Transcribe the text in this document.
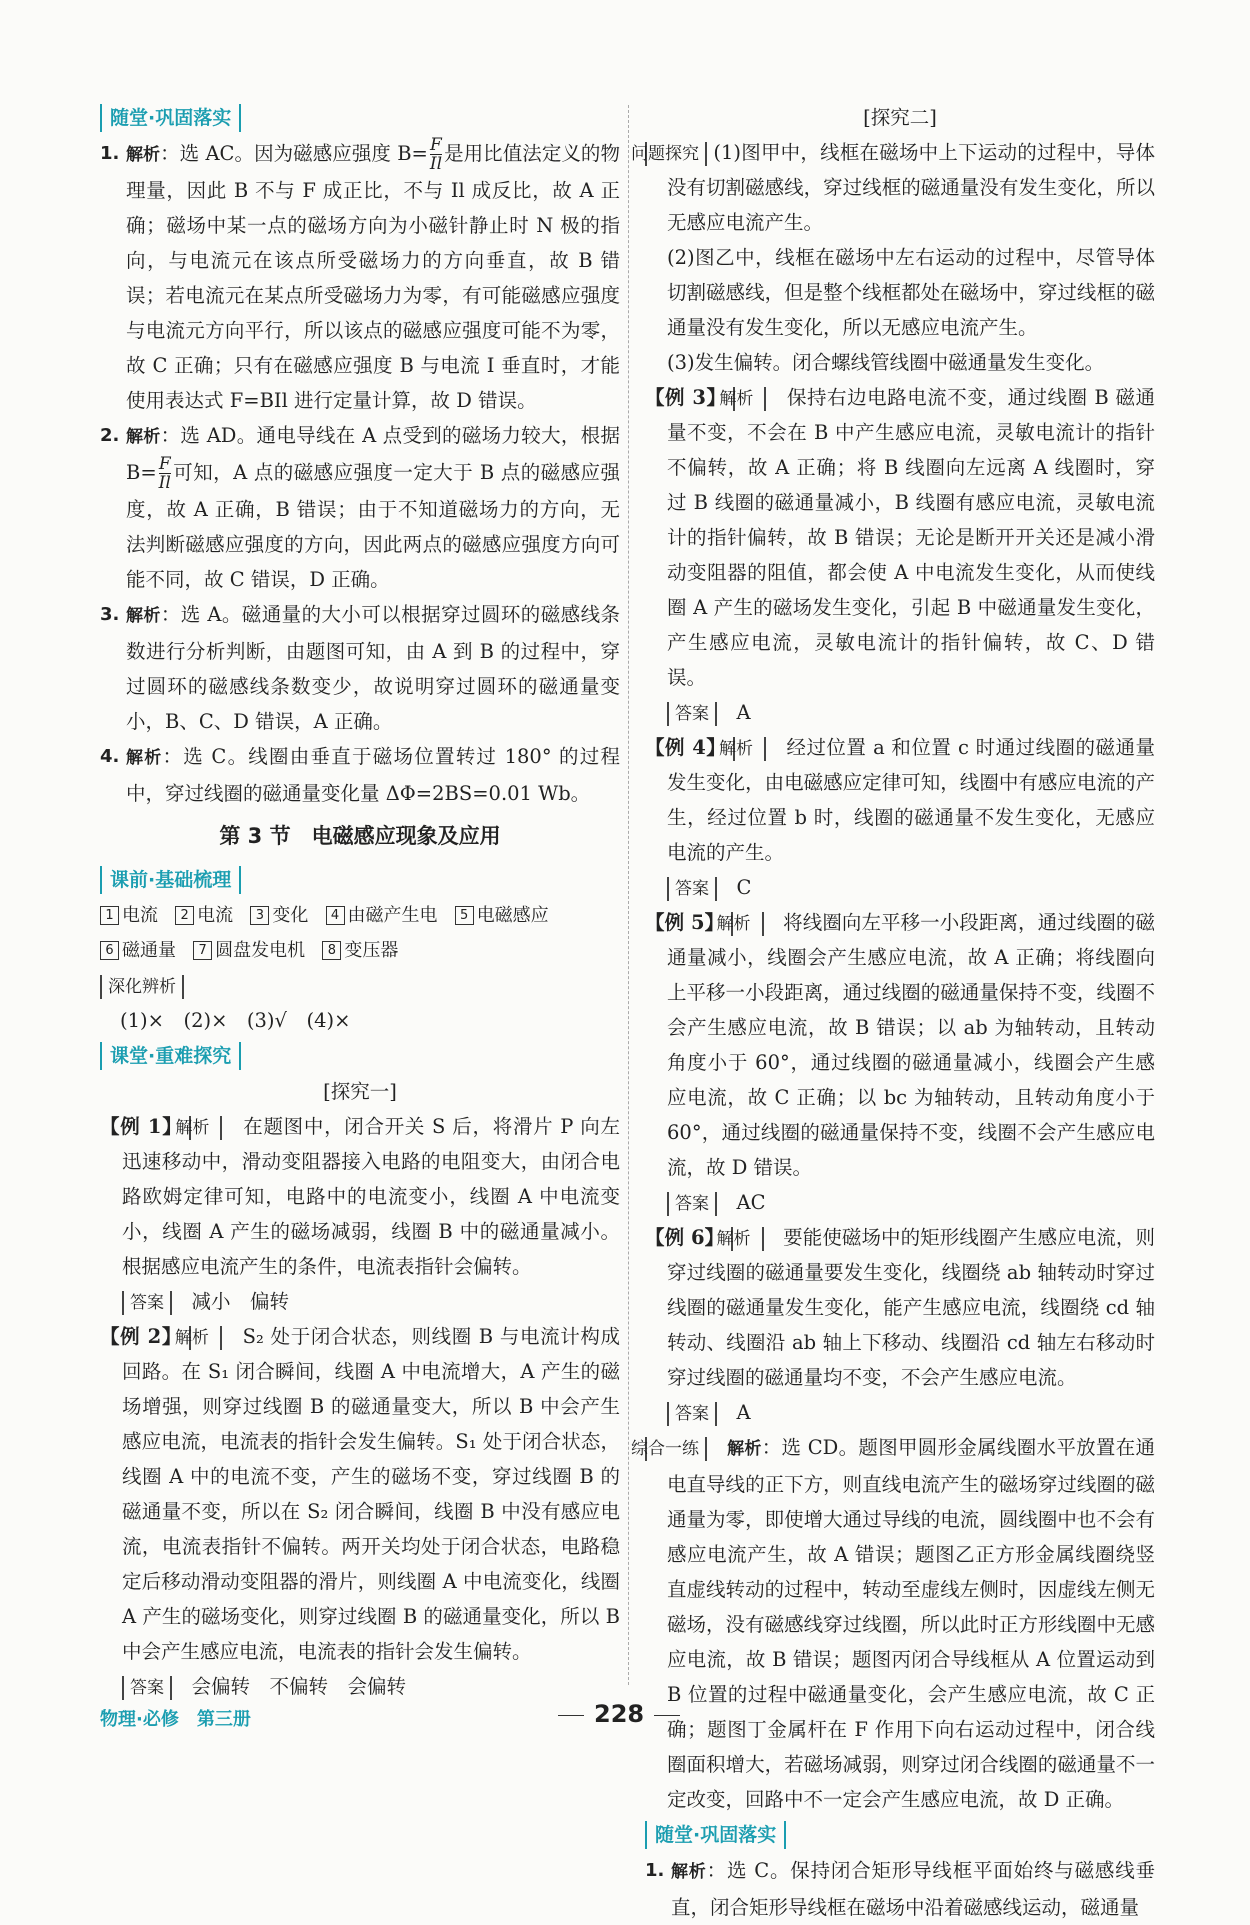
随堂·巩固落实
1. 解析：选 AC。因为磁感应强度 $B= \frac{F}{Il}$ 是用比值法定义的物理量，因此 B 不与 F 成正比，不与 Il 成反比，故 A 正确；磁场中某一点的磁场方向为小磁针静止时 N 极的指向，与电流元在该点所受磁场力的方向垂直，故 B 错误；若电流元在某点所受磁场力为零，有可能磁感应强度与电流元方向平行，所以该点的磁感应强度可能不为零，故 C 正确；只有在磁感应强度 B 与电流 I 垂直时，才能使用表达式 F=BIl 进行定量计算，故 D 错误。
2. 解析：选 AD。通电导线在 A 点受到的磁场力较大，根据 $B= \frac{F}{Il}$ 可知，A 点的磁感应强度一定大于 B 点的磁感应强度，故 A 正确，B 错误；由于不知道磁场力的方向，无法判断磁感应强度的方向，因此两点的磁感应强度方向可能不同，故 C 错误，D 正确。
3. 解析：选 A。磁通量的大小可以根据穿过圆环的磁感线条数进行分析判断，由题图可知，由 A 到 B 的过程中，穿过圆环的磁感线条数变少，故说明穿过圆环的磁通量变小，B、C、D 错误，A 正确。
4. 解析：选 C。线圈由垂直于磁场位置转过 180° 的过程中，穿过线圈的磁通量变化量 ΔΦ=2BS=0.01 Wb。
第 3 节　电磁感应现象及应用
课前·基础梳理
1 电流 2 电流 3 变化 4 由磁产生电 5 电磁感应
6 磁通量 7 圆盘发电机 8 变压器
深化辨析
(1)×　(2)×　(3)√　(4)×
课堂·重难探究
[探究一]
【例 1】 解析　 在题图中，闭合开关 S 后，将滑片 P 向左迅速移动中，滑动变阻器接入电路的电阻变大，由闭合电路欧姆定律可知，电路中的电流变小，线圈 A 中电流变小，线圈 A 产生的磁场减弱，线圈 B 中的磁通量减小。根据感应电流产生的条件，电流表指针会偏转。
答案　 减小　偏转
【例 2】 解析　 S₂ 处于闭合状态，则线圈 B 与电流计构成回路。在 S₁ 闭合瞬间，线圈 A 中电流增大，A 产生的磁场增强，则穿过线圈 B 的磁通量变大，所以 B 中会产生感应电流，电流表的指针会发生偏转。S₁ 处于闭合状态，线圈 A 中的电流不变，产生的磁场不变，穿过线圈 B 的磁通量不变，所以在 S₂ 闭合瞬间，线圈 B 中没有感应电流，电流表指针不偏转。两开关均处于闭合状态，电路稳定后移动滑动变阻器的滑片，则线圈 A 中电流变化，线圈 A 产生的磁场变化，则穿过线圈 B 的磁通量变化，所以 B 中会产生感应电流，电流表的指针会发生偏转。
答案　 会偏转　不偏转　会偏转
[探究二]
问题探究 (1)图甲中，线框在磁场中上下运动的过程中，导体没有切割磁感线，穿过线框的磁通量没有发生变化，所以无感应电流产生。
(2)图乙中，线框在磁场中左右运动的过程中，尽管导体切割磁感线，但是整个线框都处在磁场中，穿过线框的磁通量没有发生变化，所以无感应电流产生。
(3)发生偏转。闭合螺线管线圈中磁通量发生变化。
【例 3】 解析　 保持右边电路电流不变，通过线圈 B 磁通量不变，不会在 B 中产生感应电流，灵敏电流计的指针不偏转，故 A 正确；将 B 线圈向左远离 A 线圈时，穿过 B 线圈的磁通量减小，B 线圈有感应电流，灵敏电流计的指针偏转，故 B 错误；无论是断开开关还是减小滑动变阻器的阻值，都会使 A 中电流发生变化，从而使线圈 A 产生的磁场发生变化，引起 B 中磁通量发生变化，产生感应电流，灵敏电流计的指针偏转，故 C、D 错误。
答案　 A
【例 4】 解析　 经过位置 a 和位置 c 时通过线圈的磁通量发生变化，由电磁感应定律可知，线圈中有感应电流的产生，经过位置 b 时，线圈的磁通量不发生变化，无感应电流的产生。
答案　 C
【例 5】 解析　 将线圈向左平移一小段距离，通过线圈的磁通量减小，线圈会产生感应电流，故 A 正确；将线圈向上平移一小段距离，通过线圈的磁通量保持不变，线圈不会产生感应电流，故 B 错误；以 ab 为轴转动，且转动角度小于 60°，通过线圈的磁通量减小，线圈会产生感应电流，故 C 正确；以 bc 为轴转动，且转动角度小于 60°，通过线圈的磁通量保持不变，线圈不会产生感应电流，故 D 错误。
答案　 AC
【例 6】 解析　 要能使磁场中的矩形线圈产生感应电流，则穿过线圈的磁通量要发生变化，线圈绕 ab 轴转动时穿过线圈的磁通量发生变化，能产生感应电流，线圈绕 cd 轴转动、线圈沿 ab 轴上下移动、线圈沿 cd 轴左右移动时穿过线圈的磁通量均不变，不会产生感应电流。
答案　 A
综合一练　 解析：选 CD。题图甲圆形金属线圈水平放置在通电直导线的正下方，则直线电流产生的磁场穿过线圈的磁通量为零，即使增大通过导线的电流，圆线圈中也不会有感应电流产生，故 A 错误；题图乙正方形金属线圈绕竖直虚线转动的过程中，转动至虚线左侧时，因虚线左侧无磁场，没有磁感线穿过线圈，所以此时正方形线圈中无感应电流，故 B 错误；题图丙闭合导线框从 A 位置运动到 B 位置的过程中磁通量变化，会产生感应电流，故 C 正确；题图丁金属杆在 F 作用下向右运动过程中，闭合线圈面积增大，若磁场减弱，则穿过闭合线圈的磁通量不一定改变，回路中不一定会产生感应电流，故 D 正确。
随堂·巩固落实
1. 解析：选 C。保持闭合矩形导线框平面始终与磁感线垂直，闭合矩形导线框在磁场中沿着磁感线运动，磁通量
物理·必修　第三册	228
